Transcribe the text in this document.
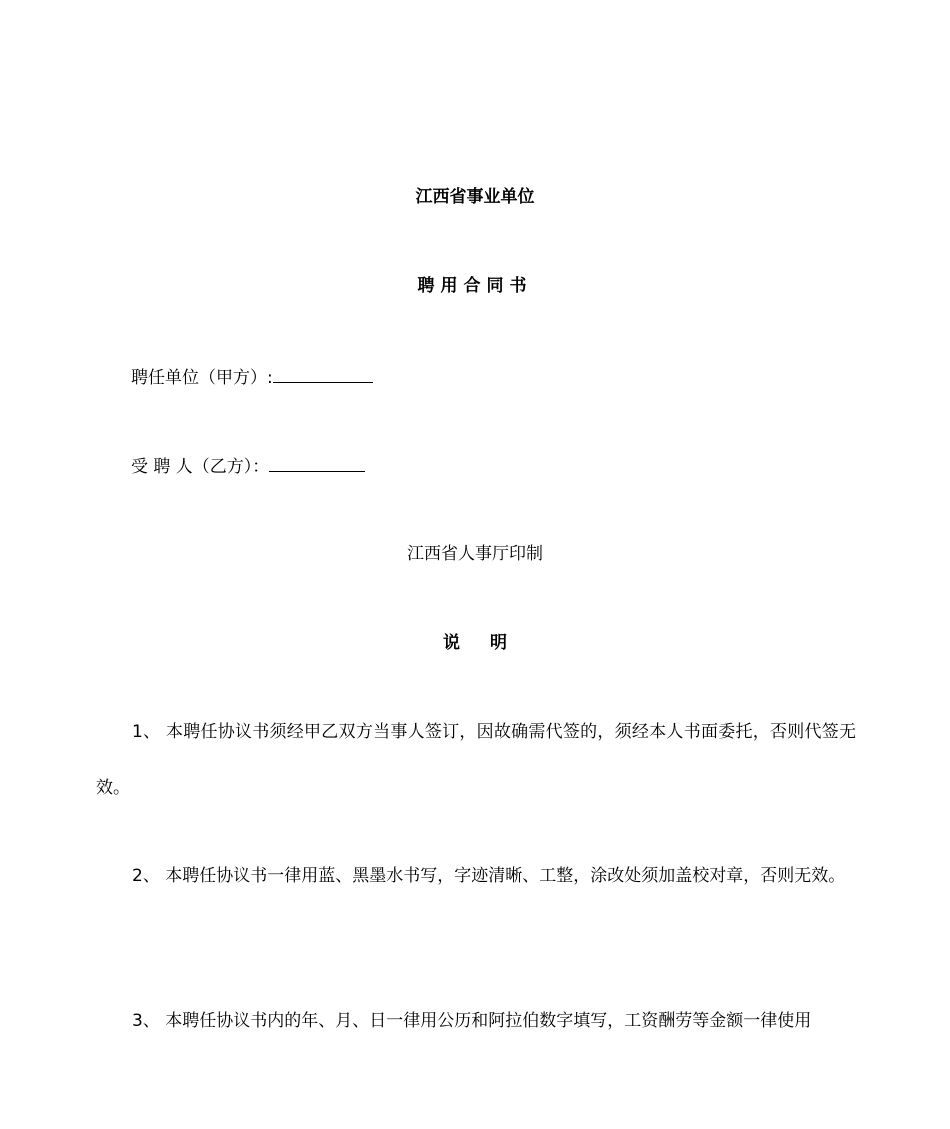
江西省事业单位
聘用合同书
聘任单位（甲方）:
受 聘 人（乙方）：
江西省人事厅印制
说 明
1、 本聘任协议书须经甲乙双方当事人签订，因故确需代签的，须经本人书面委托，否则代签无效。
2、 本聘任协议书一律用蓝、黑墨水书写，字迹清晰、工整，涂改处须加盖校对章，否则无效。
3、 本聘任协议书内的年、月、日一律用公历和阿拉伯数字填写，工资酬劳等金额一律使用
